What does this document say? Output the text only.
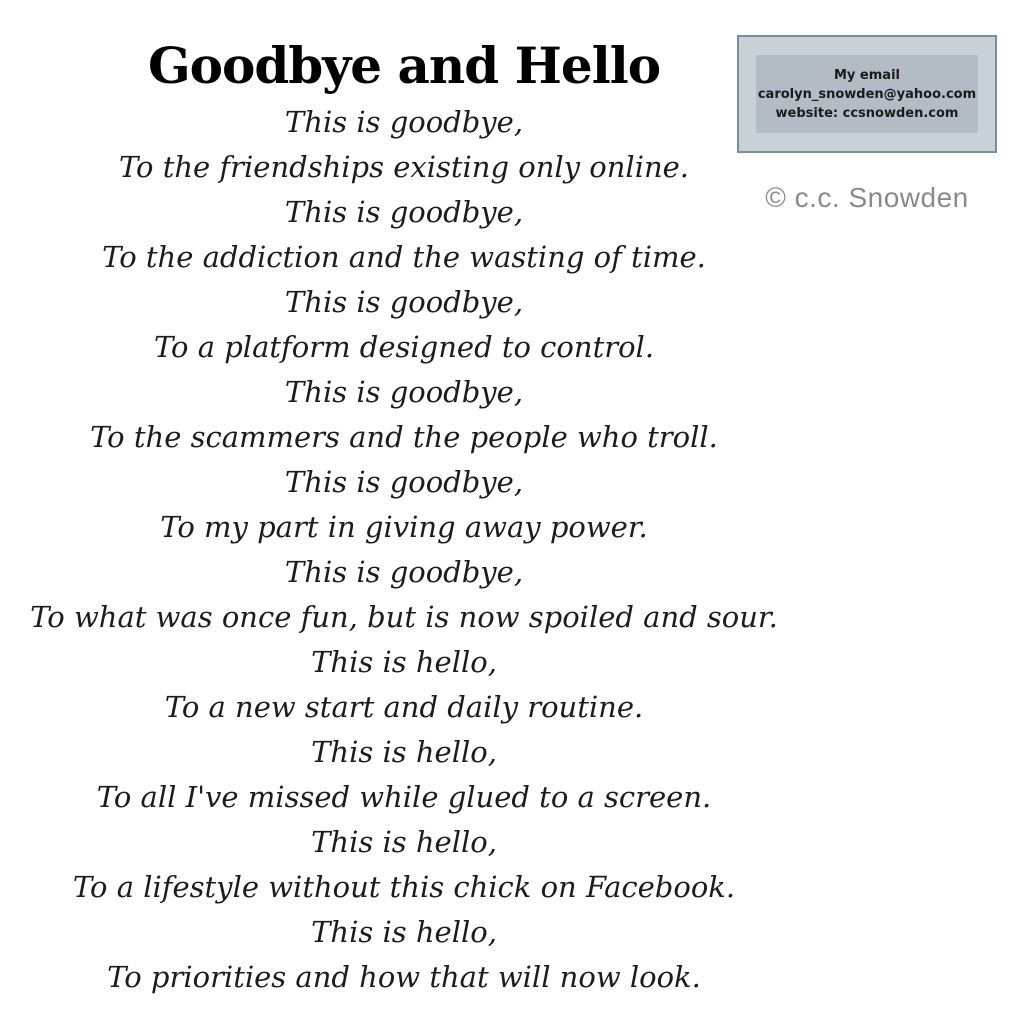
Goodbye and Hello
This is goodbye,
To the friendships existing only online.
This is goodbye,
To the addiction and the wasting of time.
This is goodbye,
To a platform designed to control.
This is goodbye,
To the scammers and the people who troll.
This is goodbye,
To my part in giving away power.
This is goodbye,
To what was once fun, but is now spoiled and sour.
This is hello,
To a new start and daily routine.
This is hello,
To all I've missed while glued to a screen.
This is hello,
To a lifestyle without this chick on Facebook.
This is hello,
To priorities and how that will now look.
My email
carolyn_snowden@yahoo.com
website: ccsnowden.com
© c.c. Snowden
